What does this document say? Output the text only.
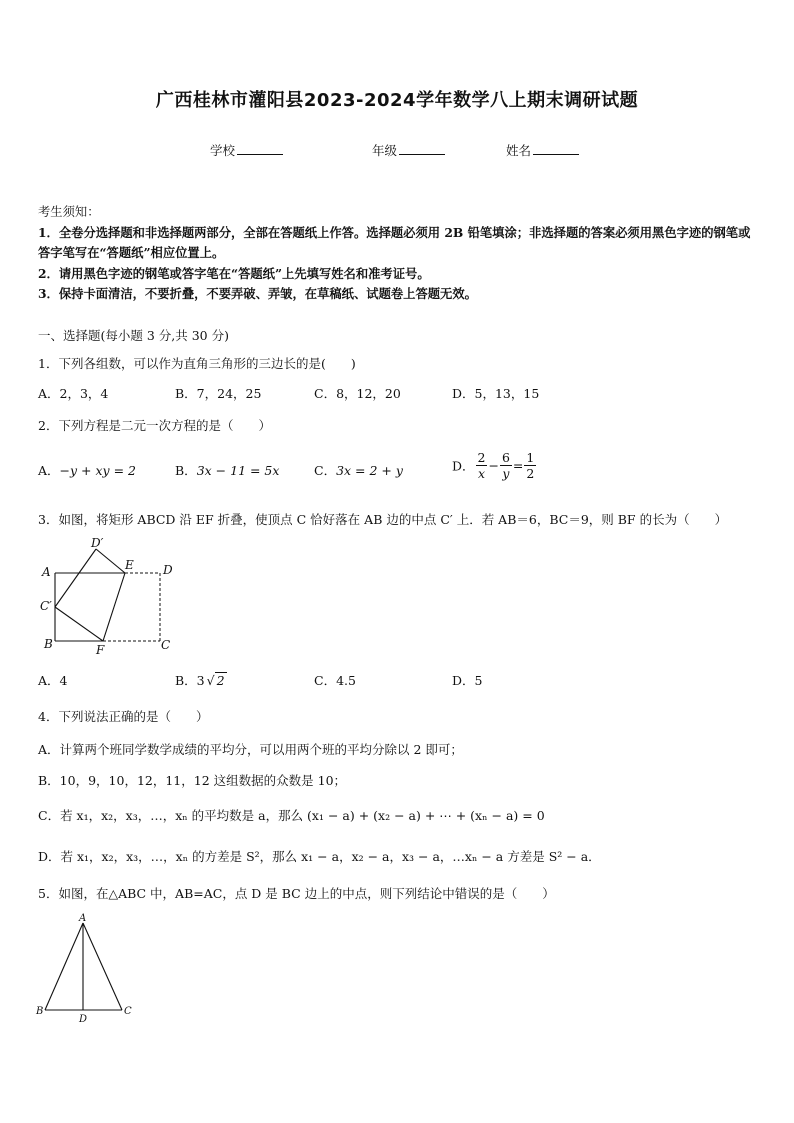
广西桂林市灌阳县2023-2024学年数学八上期末调研试题
学校	年级	姓名
考生须知：
1．全卷分选择题和非选择题两部分，全部在答题纸上作答。选择题必须用 2B 铅笔填涂；非选择题的答案必须用黑色字迹的钢笔或答字笔写在“答题纸”相应位置上。
2．请用黑色字迹的钢笔或答字笔在“答题纸”上先填写姓名和准考证号。
3．保持卡面清洁，不要折叠，不要弄破、弄皱，在草稿纸、试题卷上答题无效。
一、选择题(每小题 3 分,共 30 分)
1．下列各组数，可以作为直角三角形的三边长的是(　　)
A．2，3，4	B．7，24，25	C．8，12，20	D．5，13，15
2．下列方程是二元一次方程的是（　　）
A．−y + xy = 2	B．3x − 11 = 5x	C．3x = 2 + y	D． $\frac{2}{x} - \frac{6}{y} = \frac{1}{2}$
3．如图，将矩形 ABCD 沿 EF 折叠，使顶点 C 恰好落在 AB 边的中点 C′ 上．若 AB＝6，BC＝9，则 BF 的长为（　　）
A
B
C′
D′
E D
F	C
A．4	B．3 √ 2	C．4.5	D．5
4．下列说法正确的是（　　）
A．计算两个班同学数学成绩的平均分，可以用两个班的平均分除以 2 即可；
B．10，9，10，12，11，12 这组数据的众数是 10；
C．若 x₁，x₂，x₃，…，xₙ 的平均数是 a，那么 (x₁ − a) + (x₂ − a) + ⋯ + (xₙ − a) = 0
D．若 x₁，x₂，x₃，…，xₙ 的方差是 S²，那么 x₁ − a，x₂ − a，x₃ − a，…xₙ − a 方差是 S² − a．
5．如图，在△ABC 中，AB=AC，点 D 是 BC 边上的中点，则下列结论中错误的是（　　）
A
B
D
C
